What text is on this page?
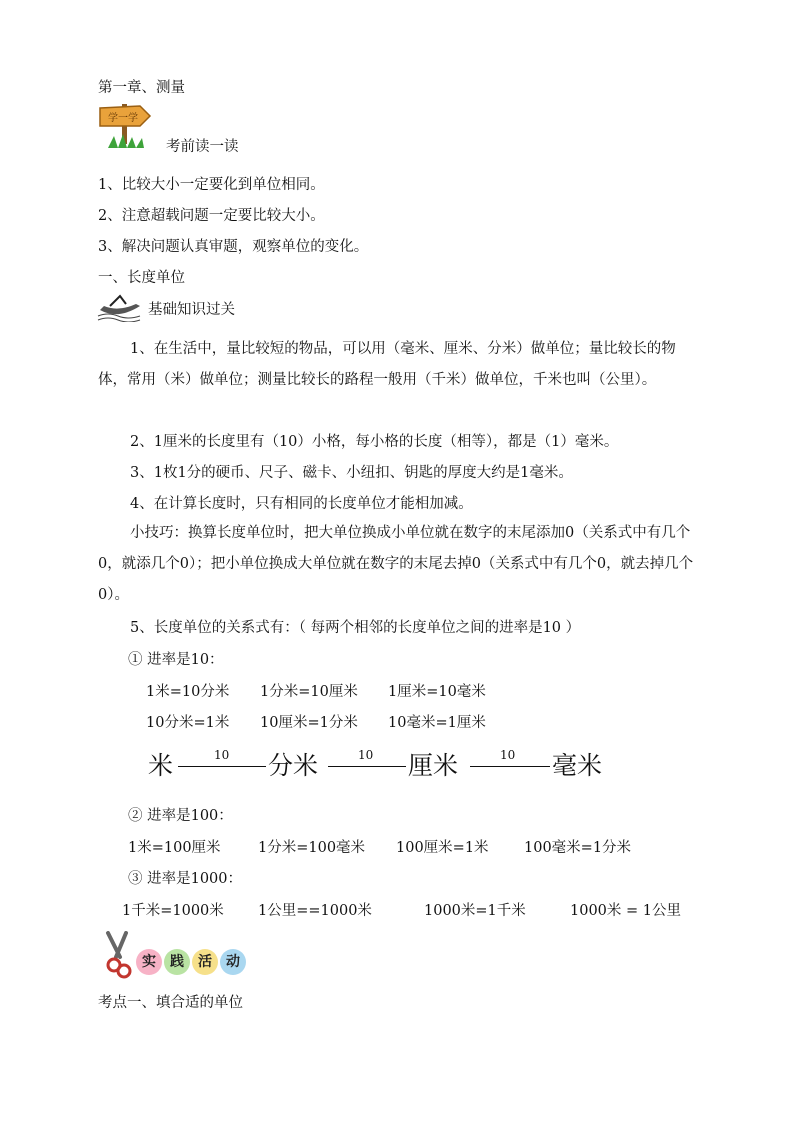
第一章、测量
学一学
考前读一读
1、比较大小一定要化到单位相同。
2、注意超载问题一定要比较大小。
3、解决问题认真审题，观察单位的变化。
一、长度单位
基础知识过关
1、在生活中，量比较短的物品，可以用（毫米、厘米、分米）做单位；量比较长的物体，常用（米）做单位；测量比较长的路程一般用（千米）做单位，千米也叫（公里）。
2、1厘米的长度里有（10）小格，每小格的长度（相等），都是（1）毫米。
3、1枚1分的硬币、尺子、磁卡、小纽扣、钥匙的厚度大约是1毫米。
4、在计算长度时，只有相同的长度单位才能相加减。
小技巧：换算长度单位时，把大单位换成小单位就在数字的末尾添加0（关系式中有几个0，就添几个0）；把小单位换成大单位就在数字的末尾去掉0（关系式中有几个0，就去掉几个0）。
5、长度单位的关系式有：（ 每两个相邻的长度单位之间的进率是10 ）
① 进率是10：
1米=10分米 1分米=10厘米 1厘米=10毫米
10分米=1米 10厘米=1分米 10毫米=1厘米
米	10 分米	10 厘米	10 毫米
② 进率是100：
1米=100厘米	1分米=100毫米 100厘米=1米 100毫米=1分米
③ 进率是1000：
1千米=1000米 1公里==1000米	1000米=1千米	1000米 = 1公里
实	践	活	动
考点一、填合适的单位
